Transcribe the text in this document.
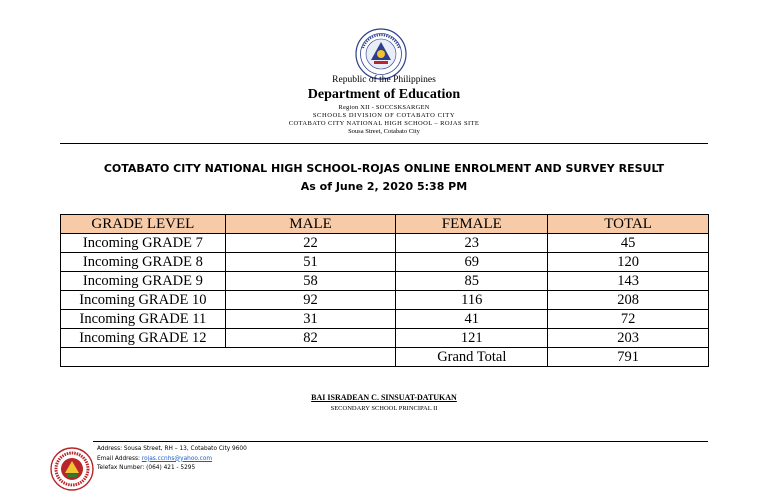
Republic of the Philippines
Department of Education
Region XII - SOCCSKSARGEN
SCHOOLS DIVISION OF COTABATO CITY
COTABATO CITY NATIONAL HIGH SCHOOL – ROJAS SITE
Sousa Street, Cotabato City
COTABATO CITY NATIONAL HIGH SCHOOL-ROJAS ONLINE ENROLMENT AND SURVEY RESULT
As of June 2, 2020 5:38 PM
GRADE LEVEL	MALE	FEMALE	TOTAL
Incoming GRADE 7	22	23	45
Incoming GRADE 8	51	69	120
Incoming GRADE 9	58	85	143
Incoming GRADE 10	92	116	208
Incoming GRADE 11	31	41	72
Incoming GRADE 12	82	121	203
		Grand Total	791
BAI ISRADEAN C. SINSUAT-DATUKAN
SECONDARY SCHOOL PRINCIPAL II
Address: Sousa Street, RH – 13, Cotabato City 9600
Email Address: rojas.ccnhs@yahoo.com
Telefax Number: (064) 421 - 5295
